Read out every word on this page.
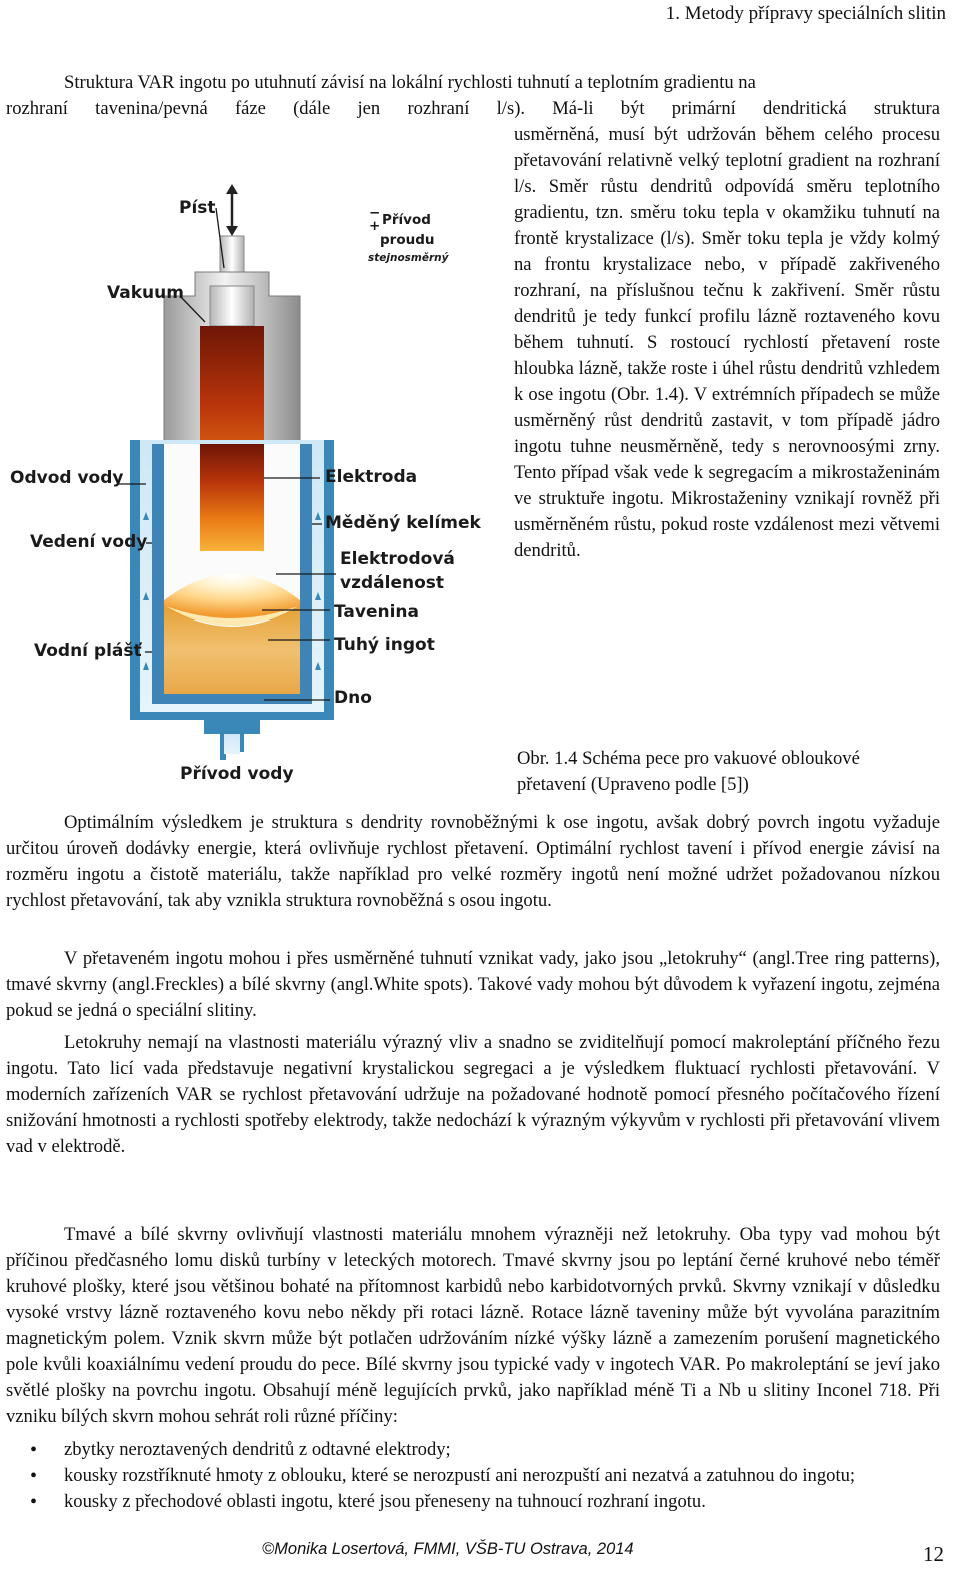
1. Metody přípravy speciálních slitin

Struktura VAR ingotu po utuhnutí závisí na lokální rychlosti tuhnutí a teplotním gradientu na

rozhraní tavenina/pevná fáze (dále jen rozhraní l/s). Má-li být primární dendritická struktura

usměrněná, musí být udržován během celého procesu přetavování relativně velký teplotní gradient na rozhraní l/s. Směr růstu dendritů odpovídá směru teplotního gradientu, tzn. směru toku tepla v okamžiku tuhnutí na frontě krystalizace (l/s). Směr toku tepla je vždy kolmý na frontu krystalizace nebo, v případě zakřiveného rozhraní, na příslušnou tečnu k zakřivení. Směr růstu dendritů je tedy funkcí profilu lázně roztaveného kovu během tuhnutí. S rostoucí rychlostí přetavení roste hloubka lázně, takže roste i úhel růstu dendritů vzhledem k ose ingotu (Obr. 1.4). V extrémních případech se může usměrněný růst dendritů zastavit, v tom případě jádro ingotu tuhne neusměrněně, tedy s nerovnoosými zrny. Tento případ však vede k segregacím a mikrostaženinám ve struktuře ingotu. Mikrostaženiny vznikají rovněž při usměrněném růstu, pokud roste vzdálenost mezi větvemi dendritů.

Píst
Vakuum
Odvod vody
Vedení vody
Vodní plášť
Elektroda
Měděný kelímek
Elektrodová
vzdálenost
Tavenina
Tuhý ingot
Dno
Přívod vody
−
+ Přívod
proudu
stejnosměrný
Obr. 1.4 Schéma pece pro vakuové obloukové
přetavení (Upraveno podle [5])

Optimálním výsledkem je struktura s dendrity rovnoběžnými k ose ingotu, avšak dobrý povrch ingotu vyžaduje určitou úroveň dodávky energie, která ovlivňuje rychlost přetavení. Optimální rychlost tavení i přívod energie závisí na rozměru ingotu a čistotě materiálu, takže například pro velké rozměry ingotů není možné udržet požadovanou nízkou rychlost přetavování, tak aby vznikla struktura rovnoběžná s osou ingotu.

V přetaveném ingotu mohou i přes usměrněné tuhnutí vznikat vady, jako jsou „letokruhy“ (angl.Tree ring patterns), tmavé skvrny (angl.Freckles) a bílé skvrny (angl.White spots). Takové vady mohou být důvodem k vyřazení ingotu, zejména pokud se jedná o speciální slitiny.

Letokruhy nemají na vlastnosti materiálu výrazný vliv a snadno se zviditelňují pomocí makroleptání příčného řezu ingotu. Tato licí vada představuje negativní krystalickou segregaci a je výsledkem fluktuací rychlosti přetavování. V moderních zařízeních VAR se rychlost přetavování udržuje na požadované hodnotě pomocí přesného počítačového řízení snižování hmotnosti a rychlosti spotřeby elektrody, takže nedochází k výrazným výkyvům v rychlosti při přetavování vlivem vad v elektrodě.

Tmavé a bílé skvrny ovlivňují vlastnosti materiálu mnohem výrazněji než letokruhy. Oba typy vad mohou být příčinou předčasného lomu disků turbíny v leteckých motorech. Tmavé skvrny jsou po leptání černé kruhové nebo téměř kruhové plošky, které jsou většinou bohaté na přítomnost karbidů nebo karbidotvorných prvků. Skvrny vznikají v důsledku vysoké vrstvy lázně roztaveného kovu nebo někdy při rotaci lázně. Rotace lázně taveniny může být vyvolána parazitním magnetickým polem. Vznik skvrn může být potlačen udržováním nízké výšky lázně a zamezením porušení magnetického pole kvůli koaxiálnímu vedení proudu do pece. Bílé skvrny jsou typické vady v ingotech VAR. Po makroleptání se jeví jako světlé plošky na povrchu ingotu. Obsahují méně legujících prvků, jako například méně Ti a Nb u slitiny Inconel 718. Při vzniku bílých skvrn mohou sehrát roli různé příčiny:

• zbytky neroztavených dendritů z odtavné elektrody;
• kousky rozstříknuté hmoty z oblouku, které se nerozpustí ani nerozpuští ani nezatvá a zatuhnou do ingotu;
• kousky z přechodové oblasti ingotu, které jsou přeneseny na tuhnoucí rozhraní ingotu.
©Monika Losertová, FMMI, VŠB-TU Ostrava, 2014	12
